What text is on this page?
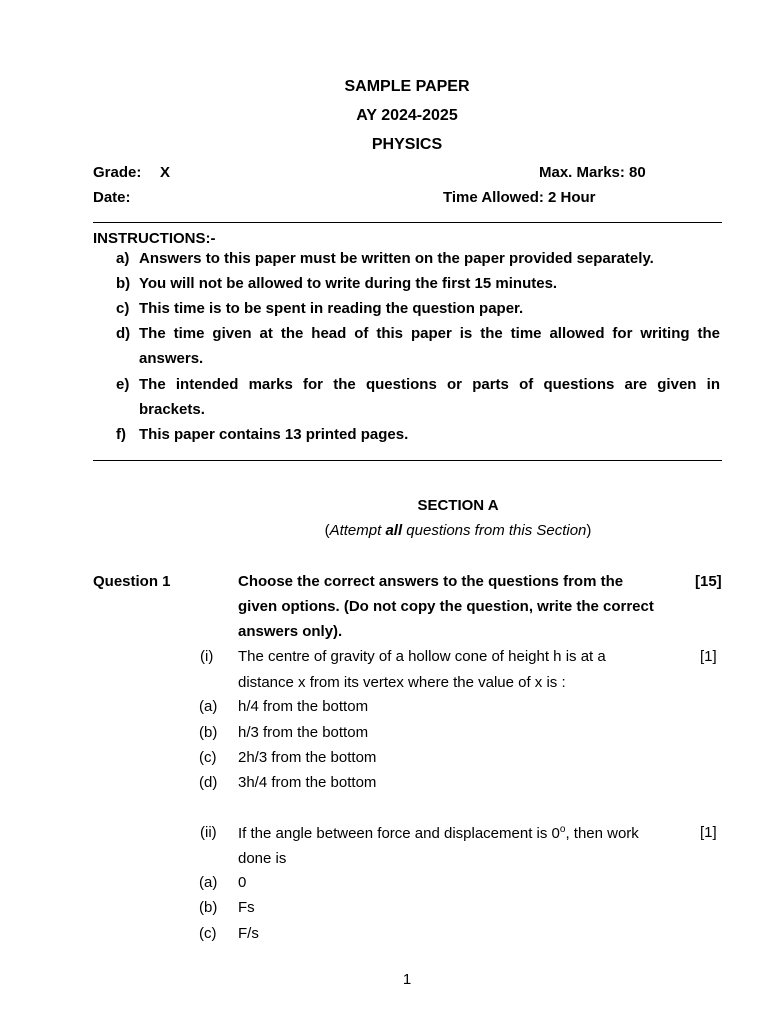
SAMPLE PAPER
AY 2024-2025
PHYSICS
Grade: X	Max. Marks: 80
Date:	Time Allowed: 2 Hour
INSTRUCTIONS:-
a) Answers to this paper must be written on the paper provided separately.
b) You will not be allowed to write during the first 15 minutes.
c) This time is to be spent in reading the question paper.
d) The time given at the head of this paper is the time allowed for writing the
answers.
e) The intended marks for the questions or parts of questions are given in
brackets.
f) This paper contains 13 printed pages.
SECTION A
(Attempt all questions from this Section)
Question 1	Choose the correct answers to the questions from the
given options. (Do not copy the question, write the correct
answers only).
[15]
(i) The centre of gravity of a hollow cone of height h is at a
distance x from its vertex where the value of x is :
[1]
(a) h/4 from the bottom
(b) h/3 from the bottom
(c) 2h/3 from the bottom
(d) 3h/4 from the bottom
(ii) If the angle between force and displacement is 0$^o$, then work
done is
[1]
(a) 0
(b) Fs
(c) F/s
1
